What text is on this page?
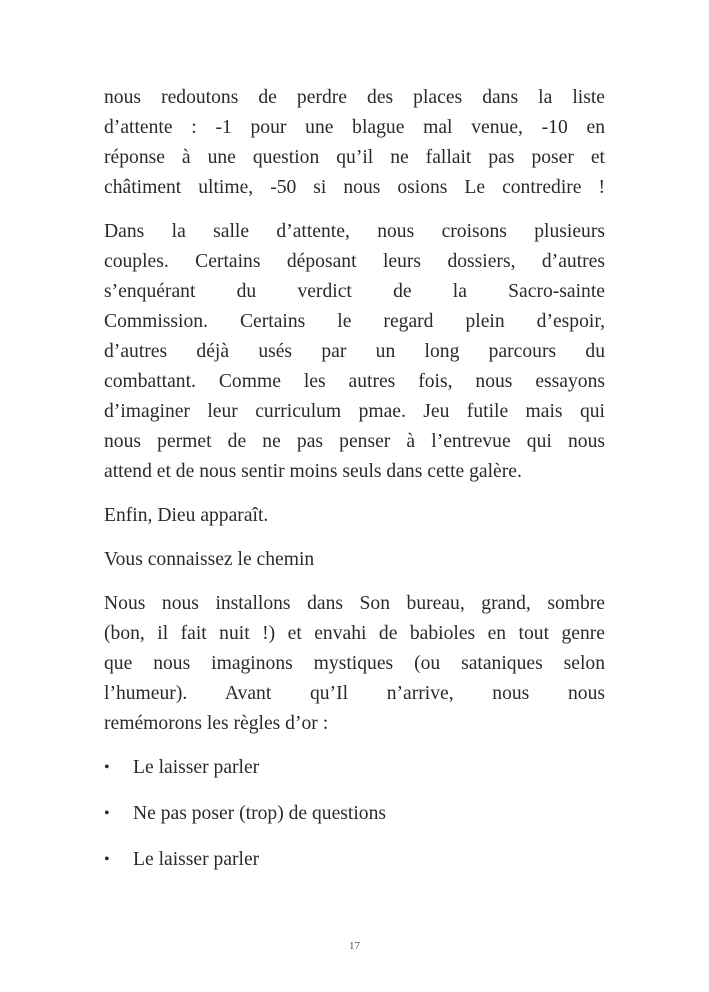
nous redoutons de perdre des places dans la liste
d’attente : -1 pour une blague mal venue, -10 en
réponse à une question qu’il ne fallait pas poser et
châtiment ultime, -50 si nous osions Le contredire !
Dans la salle d’attente, nous croisons plusieurs
couples. Certains déposant leurs dossiers, d’autres
s’enquérant du verdict de la Sacro-sainte
Commission. Certains le regard plein d’espoir,
d’autres déjà usés par un long parcours du
combattant. Comme les autres fois, nous essayons
d’imaginer leur curriculum pmae. Jeu futile mais qui
nous permet de ne pas penser à l’entrevue qui nous
attend et de nous sentir moins seuls dans cette galère.
Enfin, Dieu apparaît.
Vous connaissez le chemin
Nous nous installons dans Son bureau, grand, sombre
(bon, il fait nuit !) et envahi de babioles en tout genre
que nous imaginons mystiques (ou sataniques selon
l’humeur). Avant qu’Il n’arrive, nous nous
remémorons les règles d’or :
• Le laisser parler
• Ne pas poser (trop) de questions
• Le laisser parler
17
